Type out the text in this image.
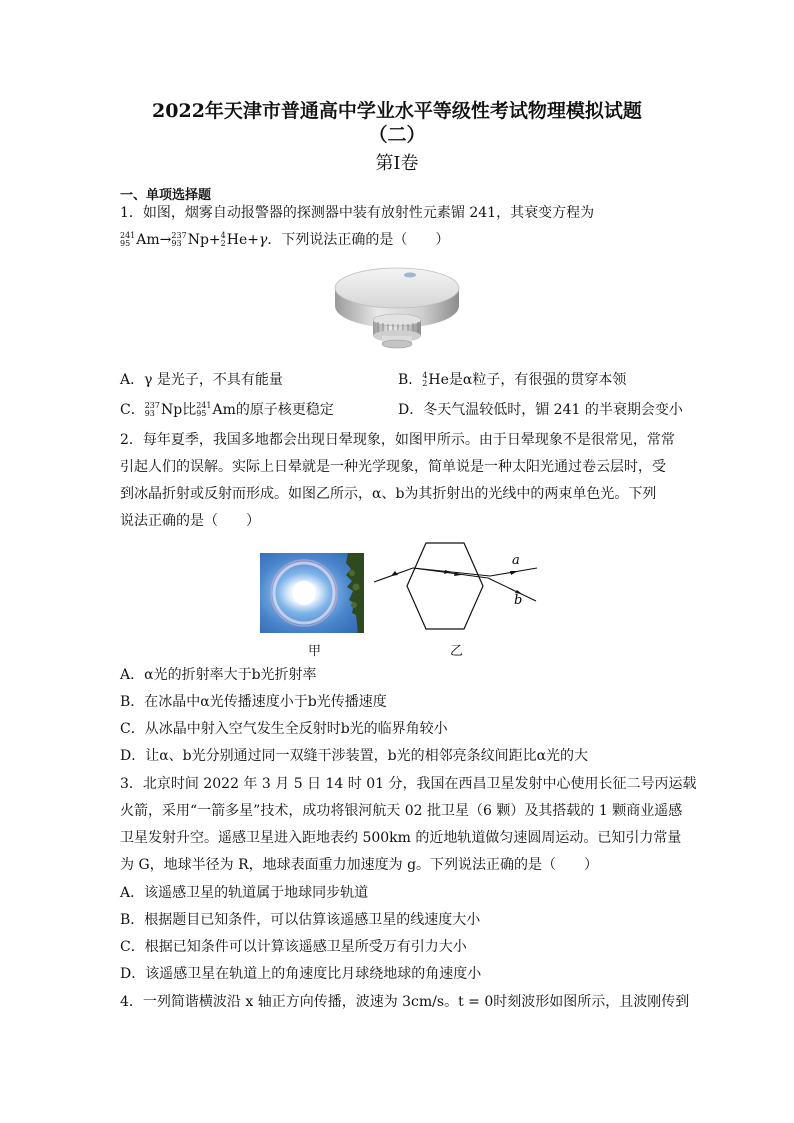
2022年天津市普通高中学业水平等级性考试物理模拟试题
（二）
第Ⅰ卷
一、单项选择题
1．如图，烟雾自动报警器的探测器中装有放射性元素镅 241，其衰变方程为
241
95 Am→ 237
93 Np+ 4
2 He+γ．下列说法正确的是（　　）
A．γ 是光子，不具有能量	B． 4
2 He是α粒子，有很强的贯穿本领
C． 237
93 Np比 241
95 Am的原子核更稳定	D．冬天气温较低时，镅 241 的半衰期会变小
2．每年夏季，我国多地都会出现日晕现象，如图甲所示。由于日晕现象不是很常见，常常
引起人们的误解。实际上日晕就是一种光学现象，简单说是一种太阳光通过卷云层时，受
到冰晶折射或反射而形成。如图乙所示，α、b为其折射出的光线中的两束单色光。下列
说法正确的是（　　）
a
b
甲	乙
A．α光的折射率大于b光折射率
B．在冰晶中α光传播速度小于b光传播速度
C．从冰晶中射入空气发生全反射时b光的临界角较小
D．让α、b光分别通过同一双缝干涉装置，b光的相邻亮条纹间距比α光的大
3．北京时间 2022 年 3 月 5 日 14 时 01 分，我国在西昌卫星发射中心使用长征二号丙运载
火箭，采用“一箭多星”技术，成功将银河航天 02 批卫星（6 颗）及其搭载的 1 颗商业遥感
卫星发射升空。遥感卫星进入距地表约 500km 的近地轨道做匀速圆周运动。已知引力常量
为 G，地球半径为 R，地球表面重力加速度为 g。下列说法正确的是（　　）
A．该遥感卫星的轨道属于地球同步轨道
B．根据题目已知条件，可以估算该遥感卫星的线速度大小
C．根据已知条件可以计算该遥感卫星所受万有引力大小
D．该遥感卫星在轨道上的角速度比月球绕地球的角速度小
4．一列简谐横波沿 x 轴正方向传播，波速为 3cm/s。t = 0时刻波形如图所示，且波刚传到
